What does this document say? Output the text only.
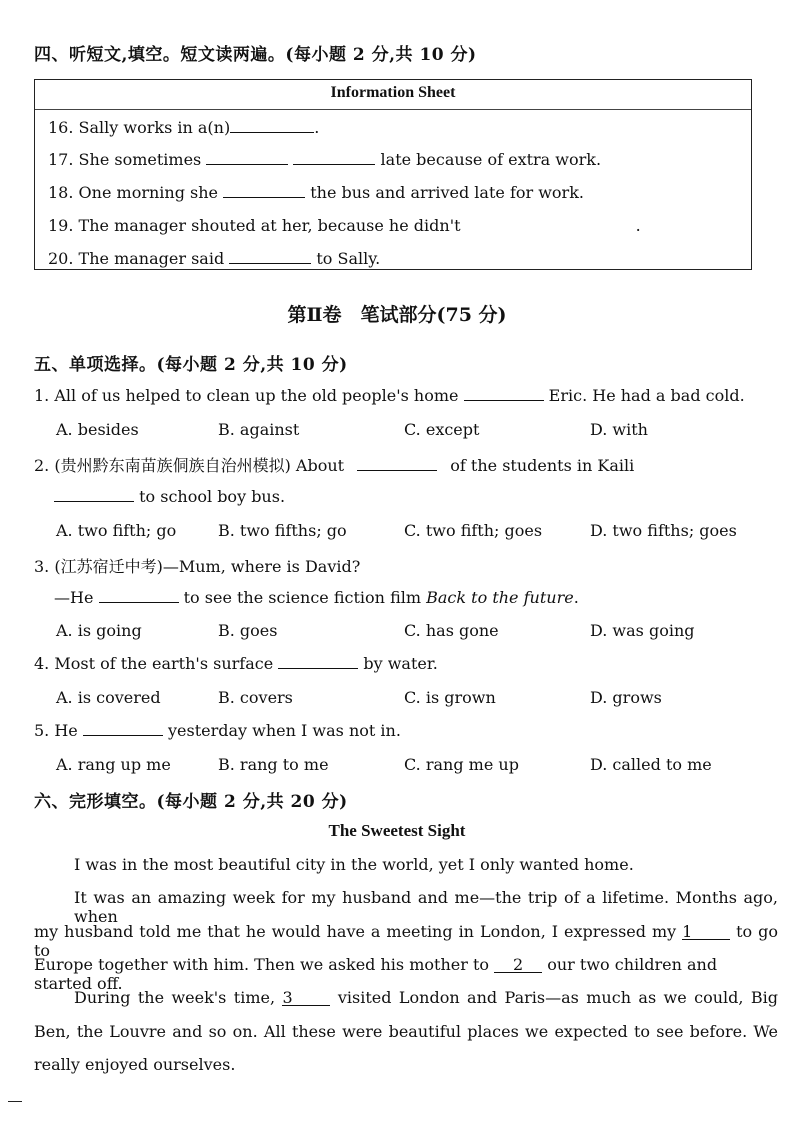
四、听短文,填空。短文读两遍。(每小题 2 分,共 10 分)
Information Sheet
16. Sally works in a(n)	.
17. She sometimes	late because of extra work.
18. One morning she	the bus and arrived late for work.
19. The manager shouted at her, because he didn't	.
20. The manager said	to Sally.
第Ⅱ卷　笔试部分(75 分)
五、单项选择。(每小题 2 分,共 10 分)
1. All of us helped to clean up the old people's home	Eric. He had a bad cold.
A. besides	B. against	C. except	D. with
2. (贵州黔东南苗族侗族自治州模拟) About	of the students in Kaili
to school boy bus.
A. two fifth; go	B. two fifths; go	C. two fifth; goes	D. two fifths; goes
3. (江苏宿迁中考)—Mum, where is David?
—He	to see the science fiction film Back to the future.
A. is going	B. goes	C. has gone	D. was going
4. Most of the earth's surface	by water.
A. is covered	B. covers	C. is grown	D. grows
5. He	yesterday when I was not in.
A. rang up me	B. rang to me	C. rang me up	D. called to me
六、完形填空。(每小题 2 分,共 20 分)
The Sweetest Sight
I was in the most beautiful city in the world, yet I only wanted home.
It was an amazing week for my husband and me—the trip of a lifetime. Months ago, when
my husband told me that he would have a meeting in London, I expressed my 1	to go to
Europe together with him. Then we asked his mother to 2 our two children and started off.
During the week's time, 3	visited London and Paris—as much as we could, Big
Ben, the Louvre and so on. All these were beautiful places we expected to see before. We
really enjoyed ourselves.
